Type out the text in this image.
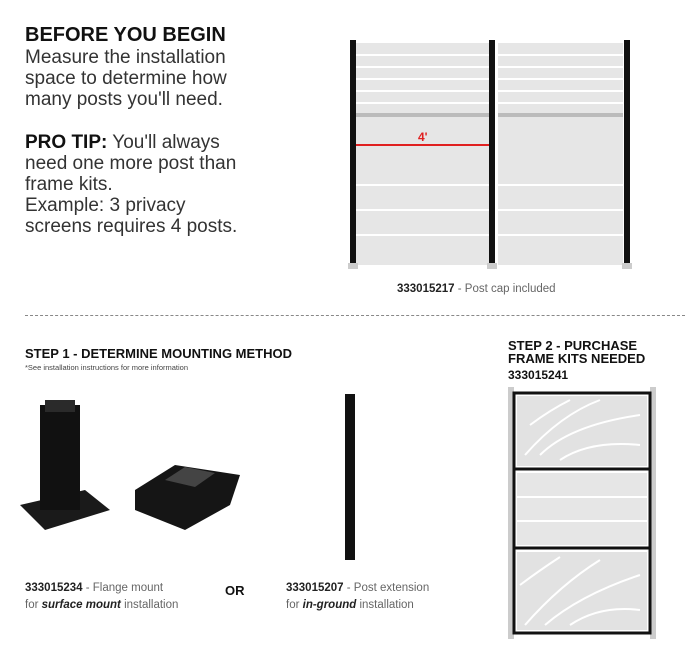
BEFORE YOU BEGIN
Measure the installation
space to determine how
many posts you'll need.
PRO TIP: You'll always
need one more post than
frame kits.
Example: 3 privacy
screens requires 4 posts.
4'
333015217 - Post cap included
STEP 1 - DETERMINE MOUNTING METHOD
*See installation instructions for more information
333015234 - Flange mount
for surface mount installation
OR	333015207 - Post extension
for in-ground installation
STEP 2 - PURCHASE
FRAME KITS NEEDED
333015241
